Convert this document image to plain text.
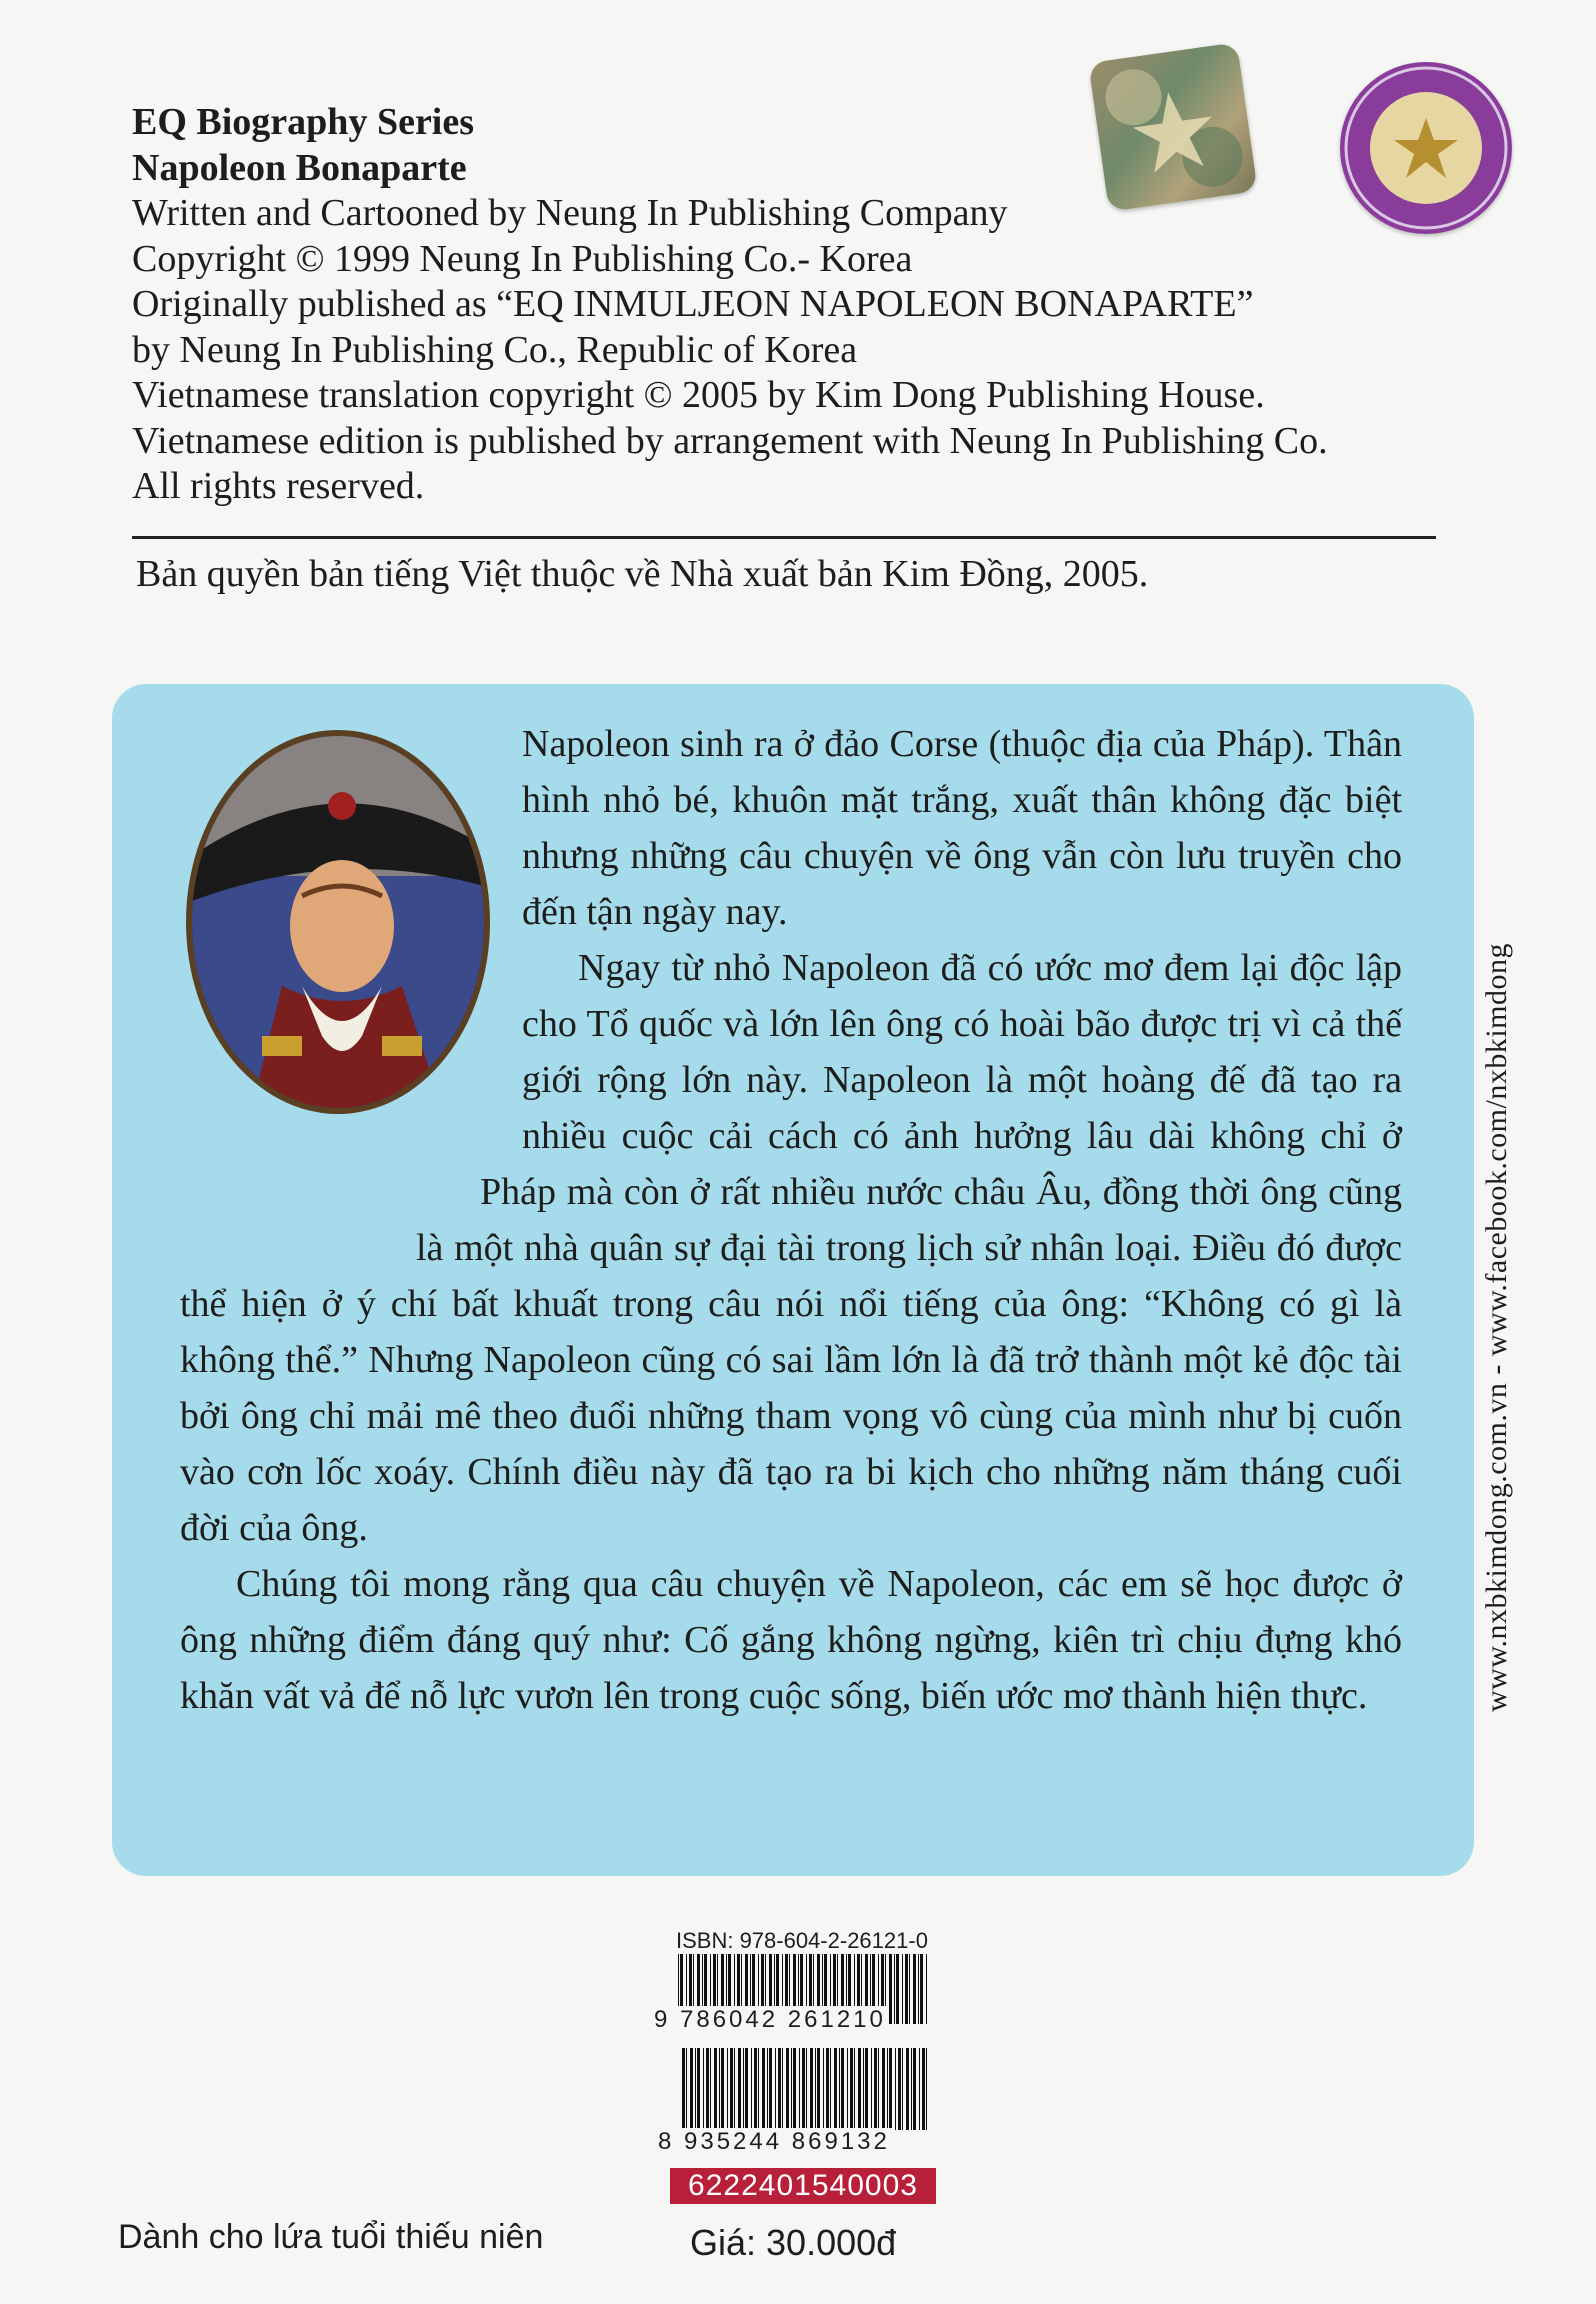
EQ Biography Series
Napoleon Bonaparte
Written and Cartooned by Neung In Publishing Company
Copyright © 1999 Neung In Publishing Co.- Korea
Originally published as “EQ INMULJEON NAPOLEON BONAPARTE”
by Neung In Publishing Co., Republic of Korea
Vietnamese translation copyright © 2005 by Kim Dong Publishing House.
Vietnamese edition is published by arrangement with Neung In Publishing Co.
All rights reserved.
Bản quyền bản tiếng Việt thuộc về Nhà xuất bản Kim Đồng, 2005.

Napoleon sinh ra ở đảo Corse (thuộc địa của Pháp). Thân hình nhỏ bé, khuôn mặt trắng, xuất thân không đặc biệt nhưng những câu chuyện về ông vẫn còn lưu truyền cho đến tận ngày nay.

Ngay từ nhỏ Napoleon đã có ước mơ đem lại độc lập cho Tổ quốc và lớn lên ông có hoài bão được trị vì cả thế giới rộng lớn này. Napoleon là một hoàng đế đã tạo ra nhiều cuộc cải cách có ảnh hưởng lâu dài không chỉ ở Pháp mà còn ở rất nhiều nước châu Âu, đồng thời ông cũng là một nhà quân sự đại tài trong lịch sử nhân loại. Điều đó được thể hiện ở ý chí bất khuất trong câu nói nổi tiếng của ông: “Không có gì là không thể.” Nhưng Napoleon cũng có sai lầm lớn là đã trở thành một kẻ độc tài bởi ông chỉ mải mê theo đuổi những tham vọng vô cùng của mình như bị cuốn vào cơn lốc xoáy. Chính điều này đã tạo ra bi kịch cho những năm tháng cuối đời của ông.

Chúng tôi mong rằng qua câu chuyện về Napoleon, các em sẽ học được ở ông những điểm đáng quý như: Cố gắng không ngừng, kiên trì chịu đựng khó khăn vất vả để nỗ lực vươn lên trong cuộc sống, biến ước mơ thành hiện thực.	www.nxbkimdong.com.vn - www.facebook.com/nxbkimdong
ISBN: 978-604-2-26121-0
9 786042 261210
8 935244 869132
6222401540003
Dành cho lứa tuổi thiếu niên	Giá: 30.000đ
